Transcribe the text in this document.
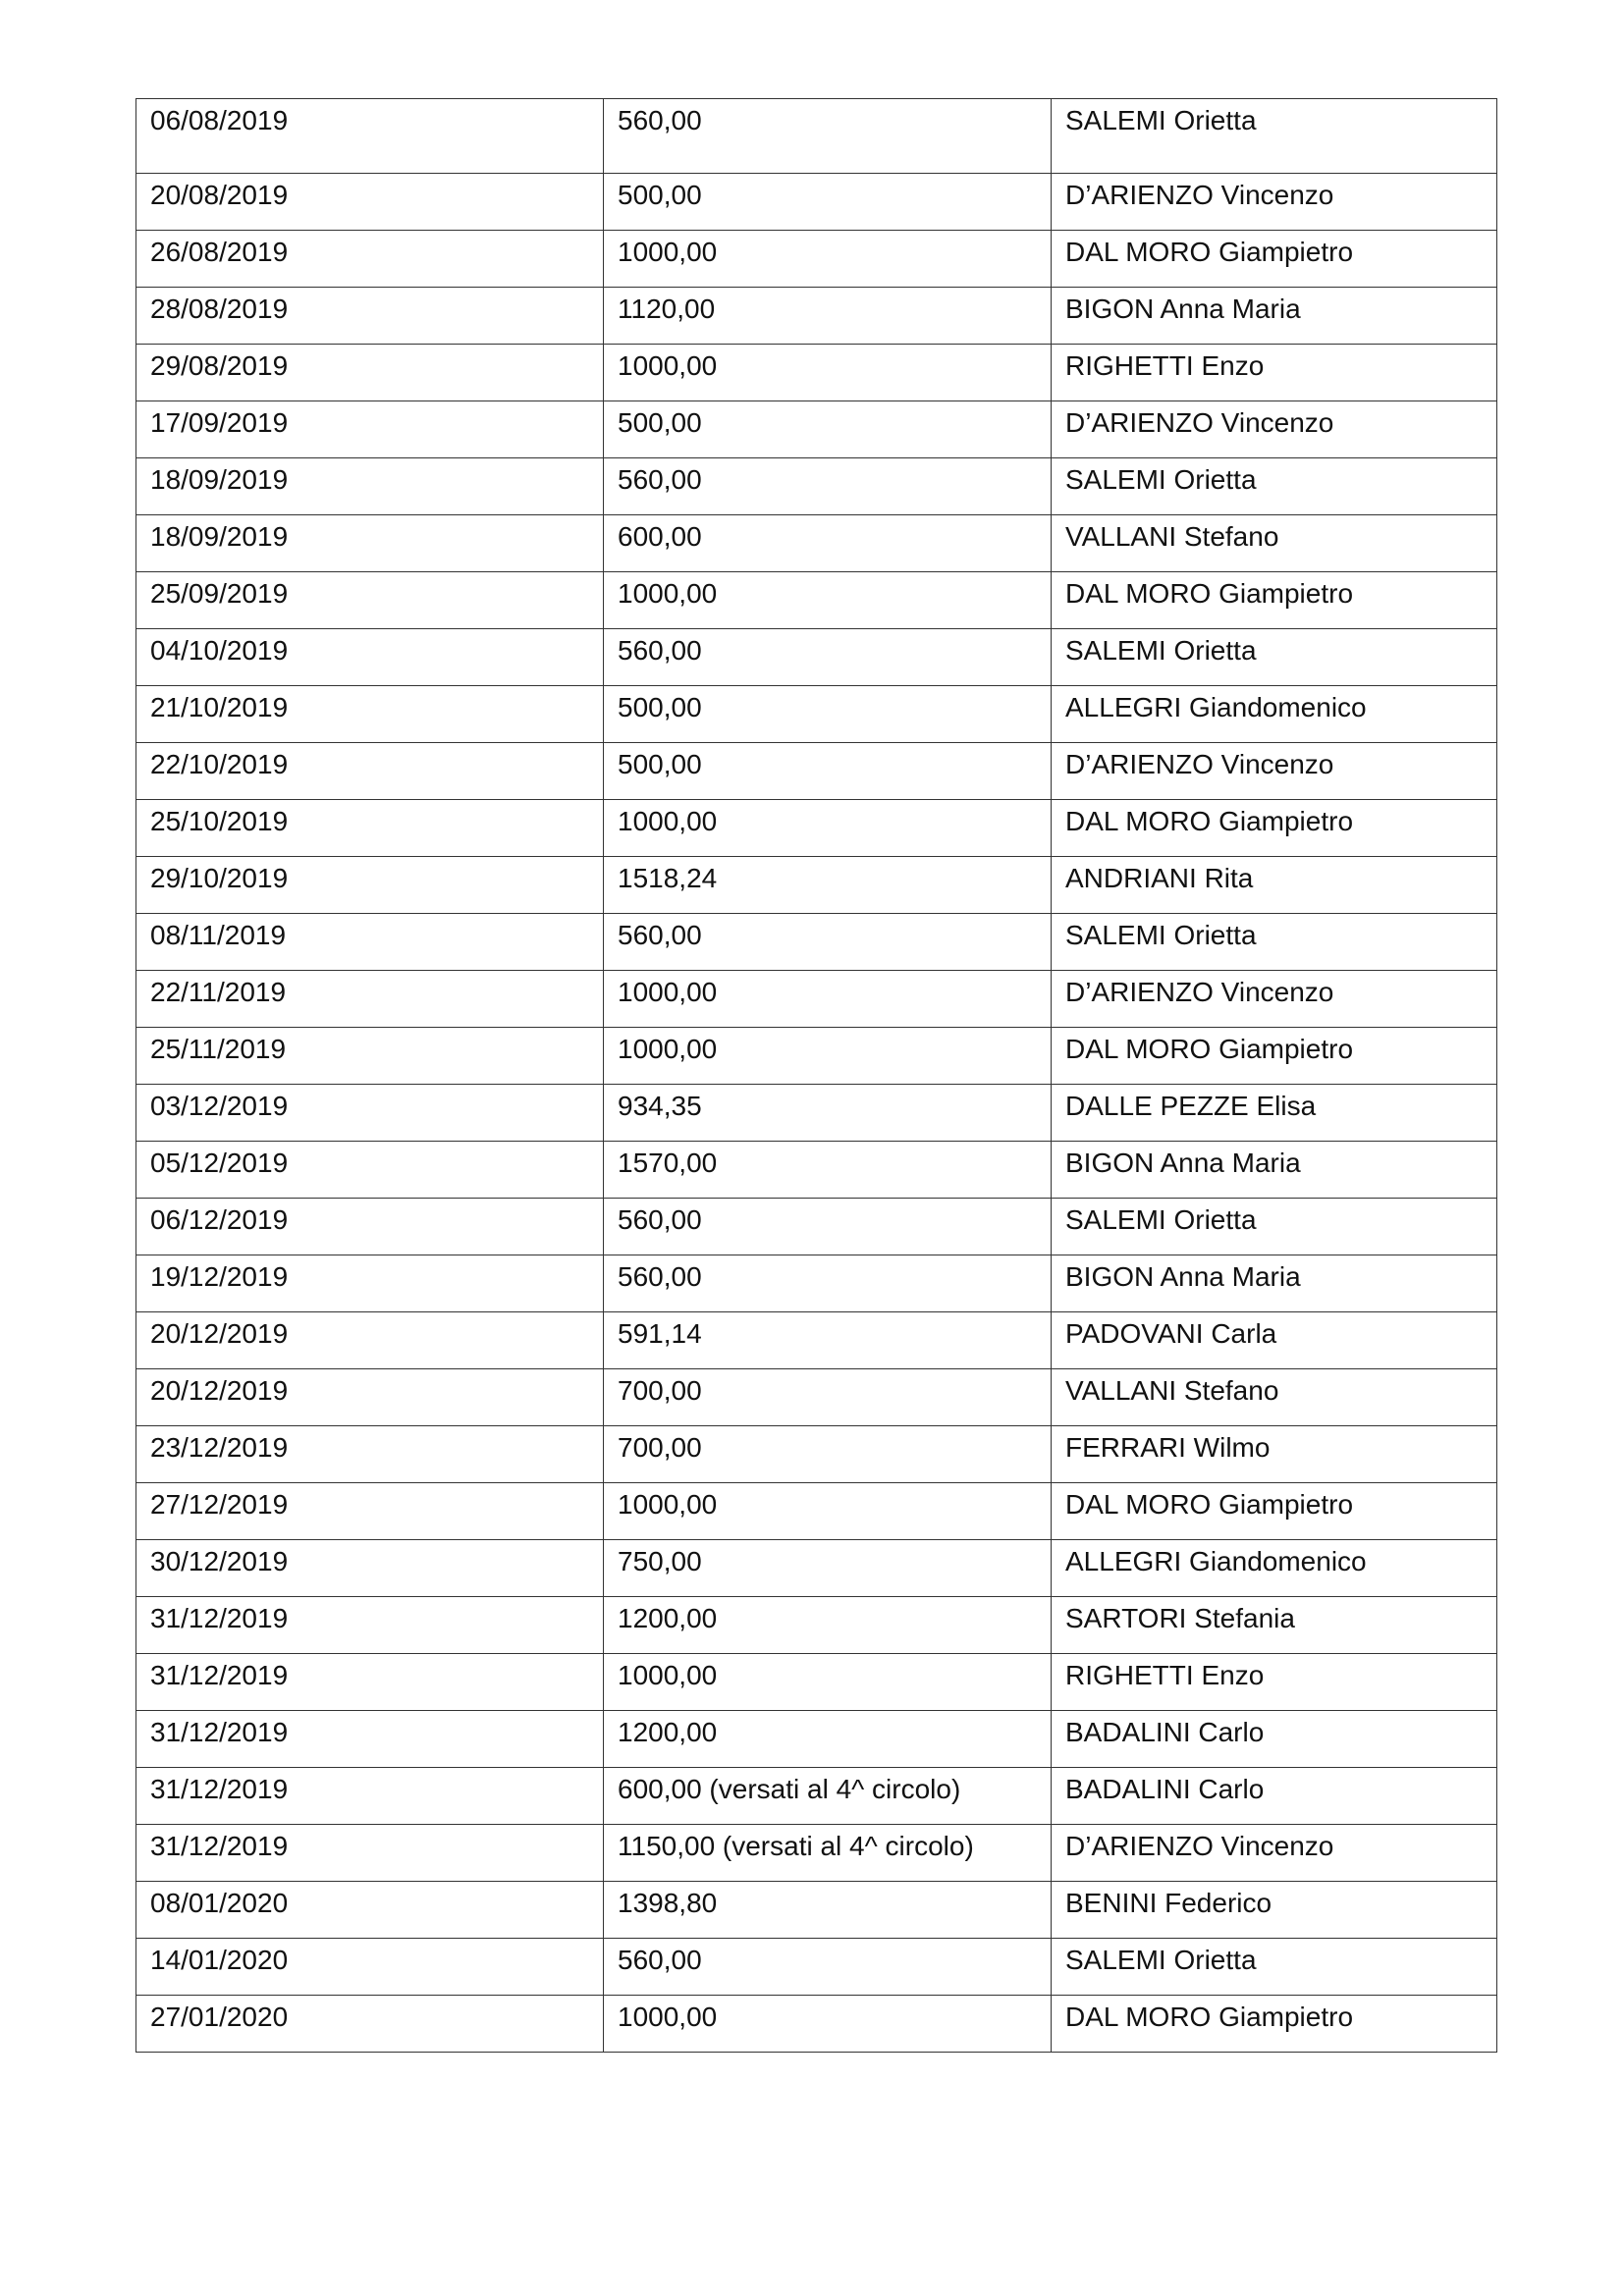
06/08/2019	560,00	SALEMI Orietta
20/08/2019	500,00	D’ARIENZO Vincenzo
26/08/2019	1000,00	DAL MORO Giampietro
28/08/2019	1120,00	BIGON Anna Maria
29/08/2019	1000,00	RIGHETTI Enzo
17/09/2019	500,00	D’ARIENZO Vincenzo
18/09/2019	560,00	SALEMI Orietta
18/09/2019	600,00	VALLANI Stefano
25/09/2019	1000,00	DAL MORO Giampietro
04/10/2019	560,00	SALEMI Orietta
21/10/2019	500,00	ALLEGRI Giandomenico
22/10/2019	500,00	D’ARIENZO Vincenzo
25/10/2019	1000,00	DAL MORO Giampietro
29/10/2019	1518,24	ANDRIANI Rita
08/11/2019	560,00	SALEMI Orietta
22/11/2019	1000,00	D’ARIENZO Vincenzo
25/11/2019	1000,00	DAL MORO Giampietro
03/12/2019	934,35	DALLE PEZZE Elisa
05/12/2019	1570,00	BIGON Anna Maria
06/12/2019	560,00	SALEMI Orietta
19/12/2019	560,00	BIGON Anna Maria
20/12/2019	591,14	PADOVANI Carla
20/12/2019	700,00	VALLANI Stefano
23/12/2019	700,00	FERRARI Wilmo
27/12/2019	1000,00	DAL MORO Giampietro
30/12/2019	750,00	ALLEGRI Giandomenico
31/12/2019	1200,00	SARTORI Stefania
31/12/2019	1000,00	RIGHETTI Enzo
31/12/2019	1200,00	BADALINI Carlo
31/12/2019	600,00 (versati al 4^ circolo)	BADALINI Carlo
31/12/2019	1150,00 (versati al 4^ circolo)	D’ARIENZO Vincenzo
08/01/2020	1398,80	BENINI Federico
14/01/2020	560,00	SALEMI Orietta
27/01/2020	1000,00	DAL MORO Giampietro
